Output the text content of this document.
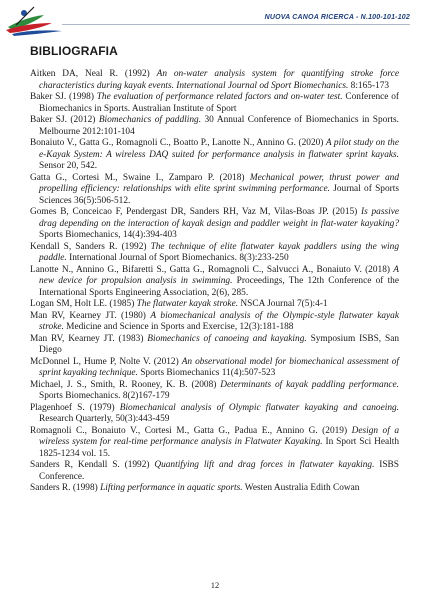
NUOVA CANOA RICERCA - N.100-101-102
BIBLIOGRAFIA

Aitken DA, Neal R. (1992) An on-water analysis system for quantifying stroke force characteristics during kayak events. International Journal od Sport Biomechanics. 8:165-173

Baker SJ. (1998) The evaluation of performance related factors and on-water test. Conference of Biomechanics in Sports. Australian Institute of Sport

Baker SJ. (2012) Biomechanics of paddling. 30 Annual Conference of Biomechanics in Sports. Melbourne 2012:101-104

Bonaiuto V., Gatta G., Romagnoli C., Boatto P., Lanotte N., Annino G. (2020) A pilot study on the e-Kayak System: A wireless DAQ suited for performance analysis in flatwater sprint kayaks. Sensor 20, 542.

Gatta G., Cortesi M., Swaine I., Zamparo P. (2018) Mechanical power, thrust power and propelling efficiency: relationships with elite sprint swimming performance. Journal of Sports Sciences 36(5):506-512.

Gomes B, Conceicao F, Pendergast DR, Sanders RH, Vaz M, Vilas-Boas JP. (2015) Is passive drag depending on the interaction of kayak design and paddler weight in flat-water kayaking? Sports Biomechanics, 14(4):394-403

Kendall S, Sanders R. (1992) The technique of elite flatwater kayak paddlers using the wing paddle. International Journal of Sport Biomechanics. 8(3):233-250

Lanotte N., Annino G., Bifaretti S., Gatta G., Romagnoli C., Salvucci A., Bonaiuto V. (2018) A new device for propulsion analysis in swimming. Proceedings, The 12th Conference of the International Sports Engineering Association, 2(6), 285.

Logan SM, Holt LE. (1985) The flatwater kayak stroke. NSCA Journal 7(5):4-1

Man RV, Kearney JT. (1980) A biomechanical analysis of the Olympic-style flatwater kayak stroke. Medicine and Science in Sports and Exercise, 12(3):181-188

Man RV, Kearney JT. (1983) Biomechanics of canoeing and kayaking. Symposium ISBS, San Diego

McDonnel L, Hume P, Nolte V. (2012) An observational model for biomechanical assessment of sprint kayaking technique. Sports Biomechanics 11(4):507-523

Michael, J. S., Smith, R. Rooney, K. B. (2008) Determinants of kayak paddling performance. Sports Biomechanics. 8(2)167-179

Plagenhoef S. (1979) Biomechanical analysis of Olympic flatwater kayaking and canoeing. Research Quarterly, 50(3):443-459

Romagnoli C., Bonaiuto V., Cortesi M., Gatta G., Padua E., Annino G. (2019) Design of a wireless system for real-time performance analysis in Flatwater Kayaking. In Sport Sci Health 1825-1234 vol. 15.

Sanders R, Kendall S. (1992) Quantifying lift and drag forces in flatwater kayaking. ISBS Conference.

Sanders R. (1998) Lifting performance in aquatic sports. Westen Australia Edith Cowan

12
